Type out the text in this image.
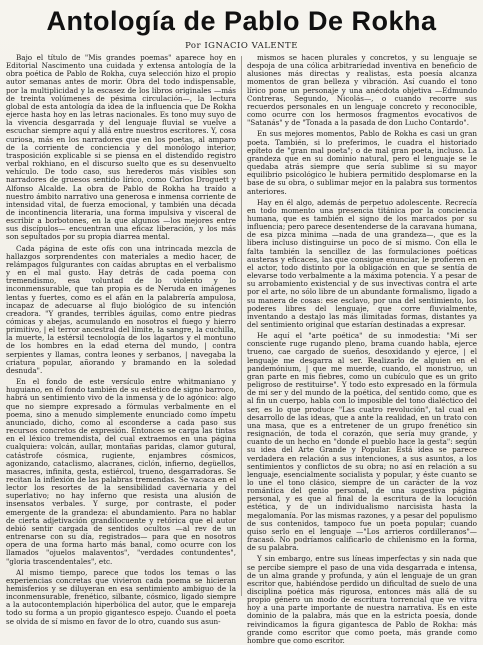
Antología de Pablo De Rokha
Por IGNACIO VALENTE

Bajo el título de "Mis grandes poemas" aparece hoy en Editorial Nascimento una cuidada y extensa antología de la obra poética de Pablo de Rokha, cuya selección hizo el propio autor semanas antes de morir. Obra del todo indispensable, por la multiplicidad y la escasez de los libros originales —más de treinta volúmenes de pésima circulación—, la lectura global de esta antología da idea de la influencia que De Rokha ejerce hasta hoy en las letras nacionales. Es tono muy suyo de la vivencia desgarrada y del lenguaje fluvial se vuelve a escuchar siempre aquí y allá entre nuestros escritores. Y, cosa curiosa, más en los narradores que en los poetas, al amparo de la corriente de conciencia y del monólogo interior, trasposición explicable si se piensa en el distendido registro verbal rokhiano, en el discurso suelto que es su desenvuelto vehículo. De todo caso, sus herederos más visibles son narradores de gruesos sentido lírico, como Carlos Droguett y Alfonso Alcalde. La obra de Pablo de Rokha ha traído a nuestro ámbito narrativo una generosa e inmensa corriente de intensidad vital, de fuerza emocional, y también una década de incontinencia literaria, una forma impulsiva y visceral de escribir a borbotones, en la que algunos —los mejores entre sus discípulos— encuentran una eficaz liberación, y los más son sepultados por su propia diarrea mental.

Cada página de este ofís con una intrincada mezcla de hallazgos sorprendentes con materiales a medio hacer, de relámpagos fulgurantes con caídas abruptas en el verbalismo y en el mal gusto. Hay detrás de cada poema con tremendismo, esa voluntad de lo violento y lo inconmensurable, que tan propia es de Neruda en imágenes lentas y fuertes, como es el afán en la palabrería ampulosa, incapaz de adecuarse al flujo biológico de su intención creadora. "Y grandes, terribles águilas, como entre piedras cómicas y abejas, acumulando en nosotros el fuego y hierro primitivo, | el terror ancestral del límite, la sangre, la cuchilla, la muerte, la estérsil tecnología de los lagartos y el montuno de los hombres en la edad eterna del mundo, | contra serpientes y llamas, contra leones y serbanos, | navegaba la criatura popular, añorando y bramando en la soledad desnuda".

En el fondo de este versículo entre whitmaniano y huguiano, en él fondo también de su estético de signo barroco, habrá un sentimiento vivo de la inmensa y de lo agónico: algo que no siempre expresado a fórmulas verbalmente en el poema, sino a menudo simplemente enunciado como ímpetu anunciado, dicho, como al esconderse a cada paso sus recursos concretos de expresión. Entonces se carga las tintas en el léxico tremendista, del cual extraemos en una página cualquiera: volcán, aullar, montañas paridas, clamor gutural, catástrofe cósmica, rugiente, enjambres cósmicos, agonizando, cataclismo, alacranes, ciclón, infierno, degüellos, masacres, infinita, gesta, estiércol, trueno, desgarradoras. Se recitan la inflexión de las palabras tremendas. Se vacaca en el lector los resortes de la sensibilidad cavernaria y del superlativo; no hay inferno que resista una alusión de insensatos verbales. Y surge, por contraste, el poder emergente de la grandeza: el abundamiento. Para no hablar de cierta adjetivación grandilocuente y retórica que el autor debió sentir cargada de sentidos ocultos —al rev de un entrenarse con su día, registrados— para que en nosotros opera de una forma harto más banal, como ocurre con los llamados "ojuelos malaventos", "verdades contundentes", "gloria trascendentales", etc.

Al mismo tiempo, parece que todos los temas o las experiencias concretas que vivieron cada poema se hicieran hemisferios y se diluyeran en esa sentimiento ambiguo de la inconmensurable, frenético, silbante, cósmico, ligado siempre a la autocontemplación hiperbólica del autor, que le empareja todo su forma a un propio gigantesco espejo. Cuando el poeta se olvida de sí mismo en favor de lo otro, cuando sus asun-

mismos se hacen plurales y concretos, y su lenguaje se despoja de una cólica arbitrariedad inventiva en beneficio de alusiones más directas y realistas, esta poesía alcanza momentos de gran belleza y vibración. Así cuando el tono lírico pone un personaje y una anécdota objetiva —Edmundo Contreras, Segundo, Nicolás—, o cuando recorre sus recuerdos personales en un lenguaje concreto y reconocible, como ocurre con los hermosos fragmentos evocativos de "Satanás" y de "Tonada a la pasada de don Lucho Contardo".

En sus mejores momentos, Pablo de Rokha es casi un gran poeta. También, si lo preferimos, le cuadra el historiado epíteto de "gran mal poeta"; o de mal gran poeta, incluso. La grandeza que en su dominio natural, pero el lenguaje se le quedaba atrás siempre que sería sublime si su mayor equilibrio psicológico le hubiera permitido desplomarse en la base de su obra, o sublimar mejor en la palabra sus tormentos anteriores.

Hay en él algo, además de perpetuo adolescente. Recrecía en todo momento una presencia titánica por la conciencia humana, que es también el signo de los marcados por su influencia; pero parece desentenderse de la caravana humana, de esa pizca mínima —nada de una grandeza—, que es la libera incluso distinguirse un poco de sí mismo. Con ella le falta también la sencillez de las formulaciones poéticas austeras y eficaces, las que consigue enunciar, le profieren en el actor, todo distinto por la obligación en que se sentía de elevarse todo verbalmente a la máxima potencia. Y a pesar de su arrobamiento existencial y de sus invectivas contra el arte por el arte, no sólo libre de un abundante formalismo, ligado a su manera de cosas: ese esclavo, por una del sentimiento, los poderes libres del lenguaje, que corre fluvialmente, inventando a destajo las más ilimitadas formas, distantes ya del sentimiento original que estarían destinadas a expresar.

He aquí el "arte poética" de su inmodestia: "Mi ser consciente ruge rugando pleno, brama cuando habla, ejerce trueno, cae cargado de sueños, desoxidando y ejerce, | el lenguaje me desgarra al ser. Realizarlo de alguien en el pandemónium, | que me muerde, cuando, el monstruo, un gran parte en mis fiebres, como un cubículo que es un grito peligroso de restituirse". Y todo esto expresado en la fórmula de mi ser y del mundo de la poética, del sentido como, que es al fin un cuerpo, habla con lo imposible del tono dialéctico del ser, es lo que produce "Las cuatro revolución", tal cual en desarrollo de las ideas, que a ante la realidad, en un trato con una masa, que es a entretener de un grupo frenético sin resignación, de toda el corazón, que sería muy grande, y cuanto de un hecho en "donde el pueblo hace la gesta": según su idea del Arte Grande y Popular. Está idea se parece verdadera en relación a sus intenciones, a sus asuntos, a los sentimientos y conflictos de su obra; no así en relación a su lenguaje, esencialmente socialista y popular, y éste cuanto se lo une el tono clásico, siempre de un carácter de la voz romántica del genio personal, de una sugestiva página personal, y es que al final de la escritura de la locución estética, y de un individualismo narcisista hasta la megalomanía. Por las mismas razones, y a pesar del populismo de sus contenidos, tampoco fue un poeta popular; cuando quiso serlo en el lenguaje —"Los arrieros cordilleranos"— fracasó. No podríamos calificarlo de chilenismo en la forma, de su palabra.

Y sin embargo, entre sus líneas imperfectas y sin nada que se percibe siempre el paso de una vida desgarrada e intensa, de un alma grande y profunda, y aún el lenguaje de un gran escritor que, habiéndose perdido un dificultad de suelo de una disciplina poética más rigurosa, entonces más allá de su propio género un modo de escritura torrencial que ve vitra hoy a una parte importante de nuestra narrativa. Es en este dominio de la palabra, más que en la estricta poesía, donde reivindicamos la figura gigantesca de Pablo de Rokha: más grande como escritor que como poeta, más grande como hombre que como escritor.
